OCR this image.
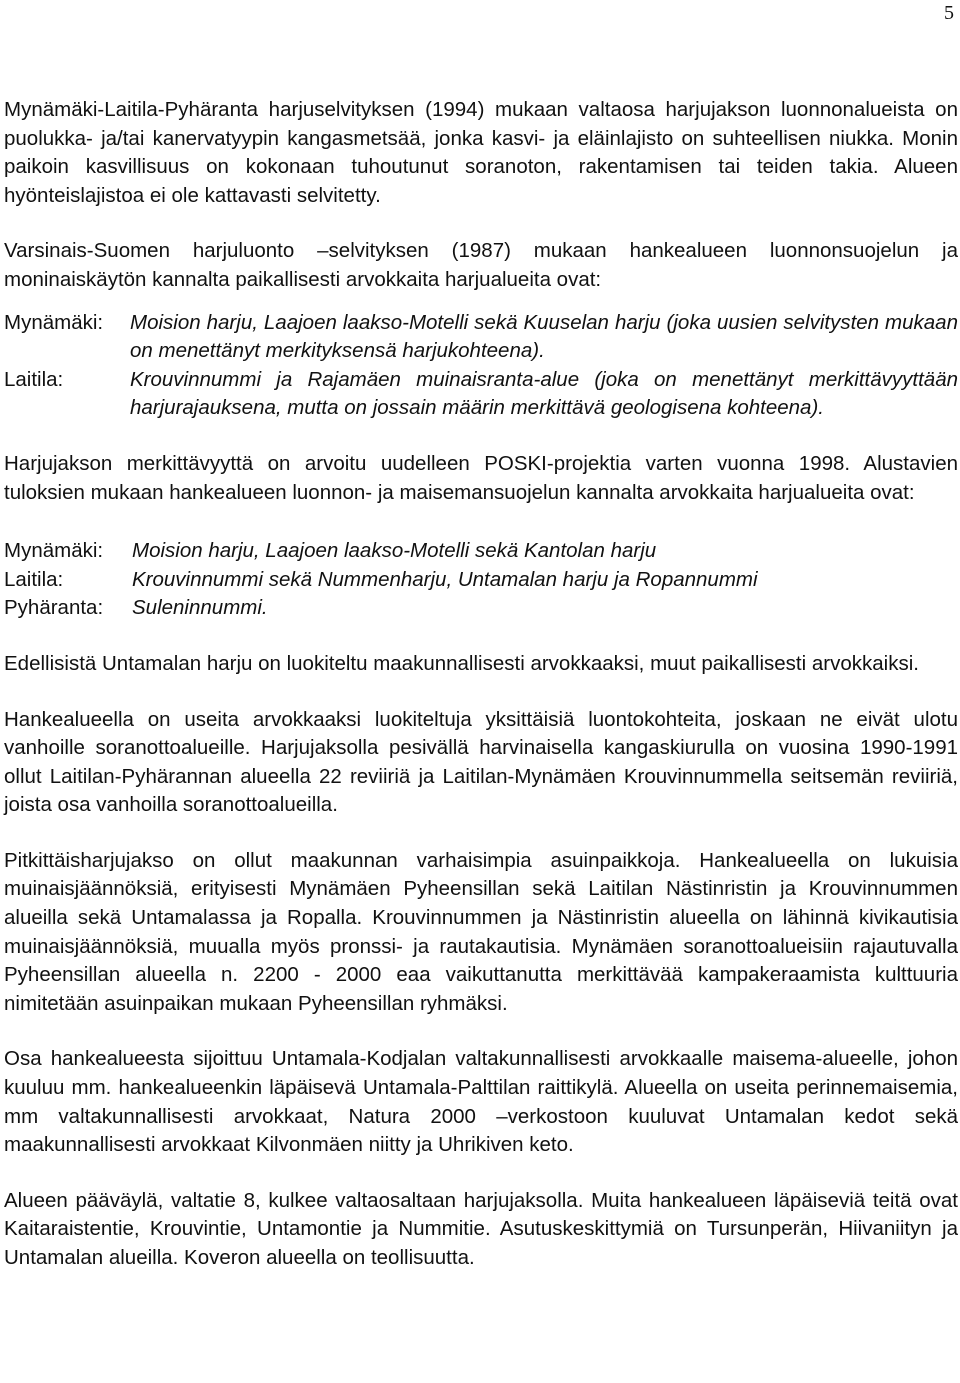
5

Mynämäki-Laitila-Pyhäranta harjuselvityksen (1994) mukaan valtaosa harjujakson luonnonalueista on puolukka- ja/tai kanervatyypin kangasmetsää, jonka kasvi- ja eläinlajisto on suhteellisen niukka. Monin paikoin kasvillisuus on kokonaan tuhoutunut soranoton, rakentamisen tai teiden takia. Alueen hyönteislajistoa ei ole kattavasti selvitetty.

Varsinais-Suomen harjuluonto –selvityksen (1987) mukaan hankealueen luonnonsuojelun ja moninaiskäytön kannalta paikallisesti arvokkaita harjualueita ovat:

Mynämäki:	Moision harju, Laajoen laakso-Motelli sekä Kuuselan harju (joka uusien selvitysten mukaan on menettänyt merkityksensä harjukohteena).
Laitila:	Krouvinnummi ja Rajamäen muinaisranta-alue (joka on menettänyt merkittävyyttään harjurajauksena, mutta on jossain määrin merkittävä geologisena kohteena).

Harjujakson merkittävyyttä on arvoitu uudelleen POSKI-projektia varten vuonna 1998. Alustavien tuloksien mukaan hankealueen luonnon- ja maisemansuojelun kannalta arvokkaita harjualueita ovat:

Mynämäki:	Moision harju, Laajoen laakso-Motelli sekä Kantolan harju
Laitila:	Krouvinnummi sekä Nummenharju, Untamalan harju ja Ropannummi
Pyhäranta:	Suleninnummi.

Edellisistä Untamalan harju on luokiteltu maakunnallisesti arvokkaaksi, muut paikallisesti arvokkaiksi.

Hankealueella on useita arvokkaaksi luokiteltuja yksittäisiä luontokohteita, joskaan ne eivät ulotu vanhoille soranottoalueille. Harjujaksolla pesivällä harvinaisella kangaskiurulla on vuosina 1990-1991 ollut Laitilan-Pyhärannan alueella 22 reviiriä ja Laitilan-Mynämäen Krouvinnummella seitsemän reviiriä, joista osa vanhoilla soranottoalueilla.

Pitkittäisharjujakso on ollut maakunnan varhaisimpia asuinpaikkoja. Hankealueella on lukuisia muinaisjäännöksiä, erityisesti Mynämäen Pyheensillan sekä Laitilan Nästinristin ja Krouvinnummen alueilla sekä Untamalassa ja Ropalla. Krouvinnummen ja Nästinristin alueella on lähinnä kivikautisia muinaisjäännöksiä, muualla myös pronssi- ja rautakautisia. Mynämäen soranottoalueisiin rajautuvalla Pyheensillan alueella n. 2200 - 2000 eaa vaikuttanutta merkittävää kampakeraamista kulttuuria nimitetään asuinpaikan mukaan Pyheensillan ryhmäksi.

Osa hankealueesta sijoittuu Untamala-Kodjalan valtakunnallisesti arvokkaalle maisema-alueelle, johon kuuluu mm. hankealueenkin läpäisevä Untamala-Palttilan raittikylä. Alueella on useita perinnemaisemia, mm valtakunnallisesti arvokkaat, Natura 2000 –verkostoon kuuluvat Untamalan kedot sekä maakunnallisesti arvokkaat Kilvonmäen niitty ja Uhrikiven keto.

Alueen pääväylä, valtatie 8, kulkee valtaosaltaan harjujaksolla. Muita hankealueen läpäiseviä teitä ovat Kaitaraistentie, Krouvintie, Untamontie ja Nummitie. Asutuskeskittymiä on Tursunperän, Hiivaniityn ja Untamalan alueilla. Koveron alueella on teollisuutta.
